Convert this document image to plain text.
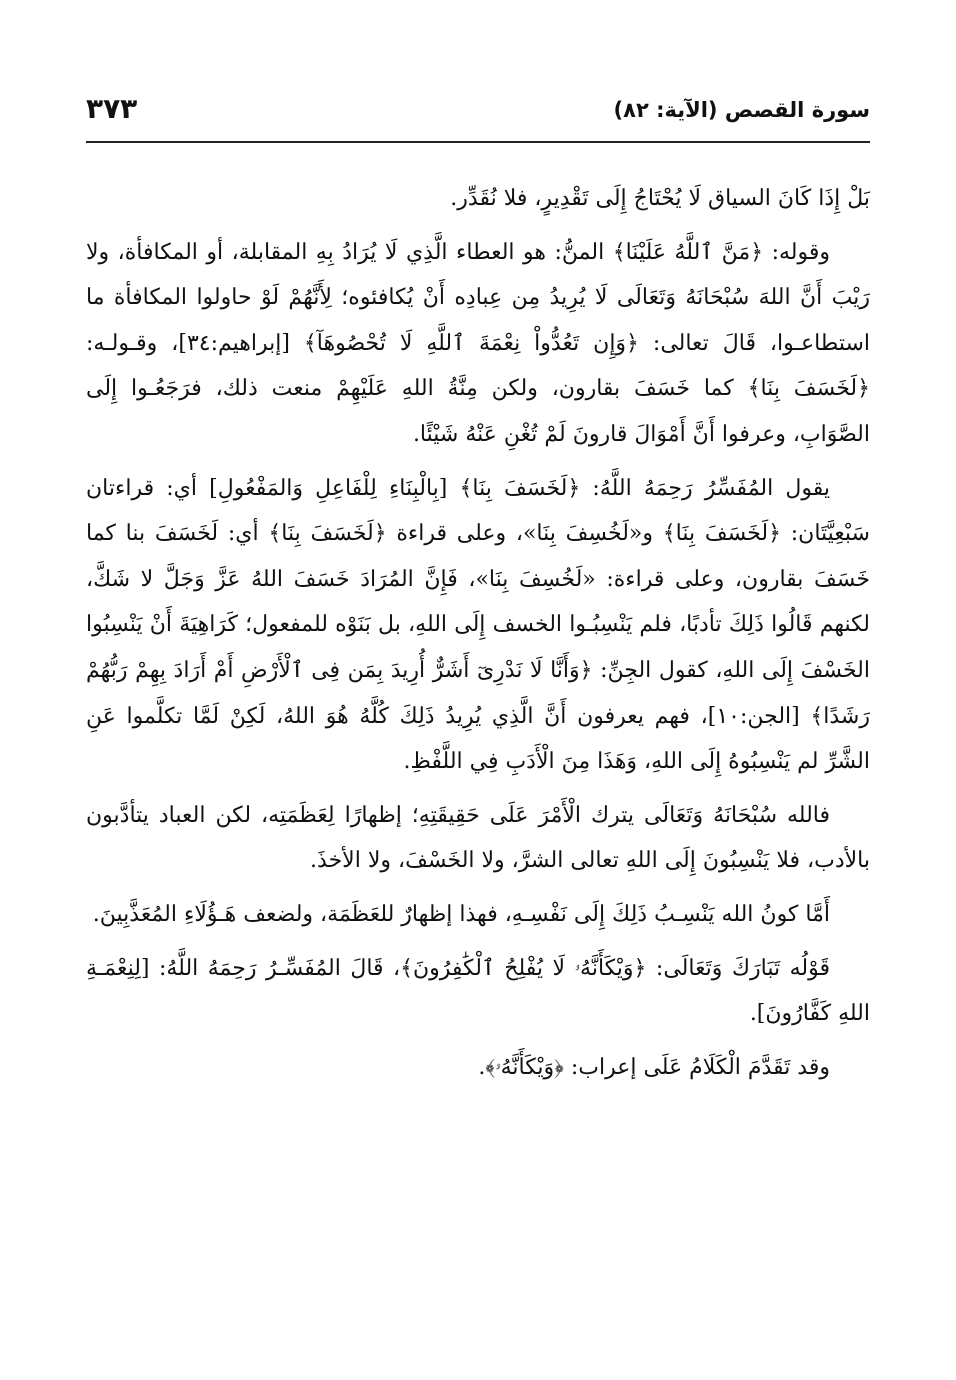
سورة القصص (الآية: ٨٢)
٣٧٣

بَلْ إِذَا كَانَ السياق لَا يُحْتَاجُ إِلَى تَقْدِيرٍ، فلا نُقَدِّر.

وقوله: ﴿مَنَّ ٱللَّهُ عَلَيْنَا﴾ المنُّ: هو العطاء الَّذِي لَا يُرَادُ بِهِ المقابلة، أو المكافأة، ولا رَيْبَ أَنَّ اللهَ سُبْحَانَهُ وَتَعَالَى لَا يُرِيدُ مِن عِبادِه أَنْ يُكافئوه؛ لِأَنَّهُمْ لَوْ حاولوا المكافأة ما استطاعـوا، قَالَ تعالى: ﴿وَإِن تَعُدُّواْ نِعْمَةَ ٱللَّهِ لَا تُحْصُوهَآ﴾ [إبراهيم:٣٤]، وقـولـه: ﴿لَخَسَفَ بِنَا﴾ كما خَسَفَ بقارون، ولكن مِنَّةُ اللهِ عَلَيْهِمْ منعت ذلك، فرَجَعُـوا إِلَى الصَّوَابِ، وعرفوا أَنَّ أَمْوَالَ قارونَ لَمْ تُغْنِ عَنْهُ شَيْئًا.

يقول المُفَسِّرُ رَحِمَهُ اللَّهُ: ﴿لَخَسَفَ بِنَا﴾ [بِالْبِنَاءِ لِلْفَاعِلِ وَالمَفْعُولِ] أي: قراءتان سَبْعِيَّتَان: ﴿لَخَسَفَ بِنَا﴾ و«لَخُسِفَ بِنَا»، وعلى قراءة ﴿لَخَسَفَ بِنَا﴾ أي: لَخَسَفَ بنا كما خَسَفَ بقارون، وعلى قراءة: «لَخُسِفَ بِنَا»، فَإِنَّ المُرَادَ خَسَفَ اللهُ عَزَّ وَجَلَّ لا شَكَّ، لكنهم قَالُوا ذَلِكَ تأدبًا، فلم يَنْسِبُـوا الخسف إِلَى اللهِ، بل بَنَوْه للمفعول؛ كَرَاهِيَةَ أَنْ يَنْسِبُوا الخَسْفَ إِلَى اللهِ، كقول الجِنِّ: ﴿وَأَنَّا لَا نَدْرِىٓ أَشَرٌّ أُرِيدَ بِمَن فِى ٱلْأَرْضِ أَمْ أَرَادَ بِهِمْ رَبُّهُمْ رَشَدًا﴾ [الجن:١٠]، فهم يعرفون أَنَّ الَّذِي يُرِيدُ ذَلِكَ كُلَّهُ هُوَ اللهُ، لَكِنْ لَمَّا تكلَّموا عَنِ الشَّرِّ لم يَنْسِبُوهُ إِلَى اللهِ، وَهَذَا مِنَ الْأَدَبِ فِي اللَّفْظِ.

فالله سُبْحَانَهُ وَتَعَالَى يترك الْأَمْرَ عَلَى حَقِيقَتِهِ؛ إظهارًا لِعَظَمَتِه، لكن العباد يتأدَّبون بالأدب، فلا يَنْسِبُونَ إِلَى اللهِ تعالى الشرَّ، ولا الخَسْفَ، ولا الأخذَ.

أَمَّا كونُ الله يَنْسِـبُ ذَلِكَ إِلَى نَفْسِـهِ، فهذا إظهارٌ للعَظَمَة، ولضعف هَـؤُلَاءِ المُعَذَّبِينَ.

قَوْلُه تَبَارَكَ وَتَعَالَى: ﴿وَيْكَأَنَّهُۥ لَا يُفْلِحُ ٱلْكَٰفِرُونَ﴾، قَالَ المُفَسِّـرُ رَحِمَهُ اللَّهُ: [لِنِعْمَـةِ اللهِ كَفَّارُونَ].

وقد تَقَدَّمَ الْكَلَامُ عَلَى إعراب: ﴿وَيْكَأَنَّهُۥ﴾.
